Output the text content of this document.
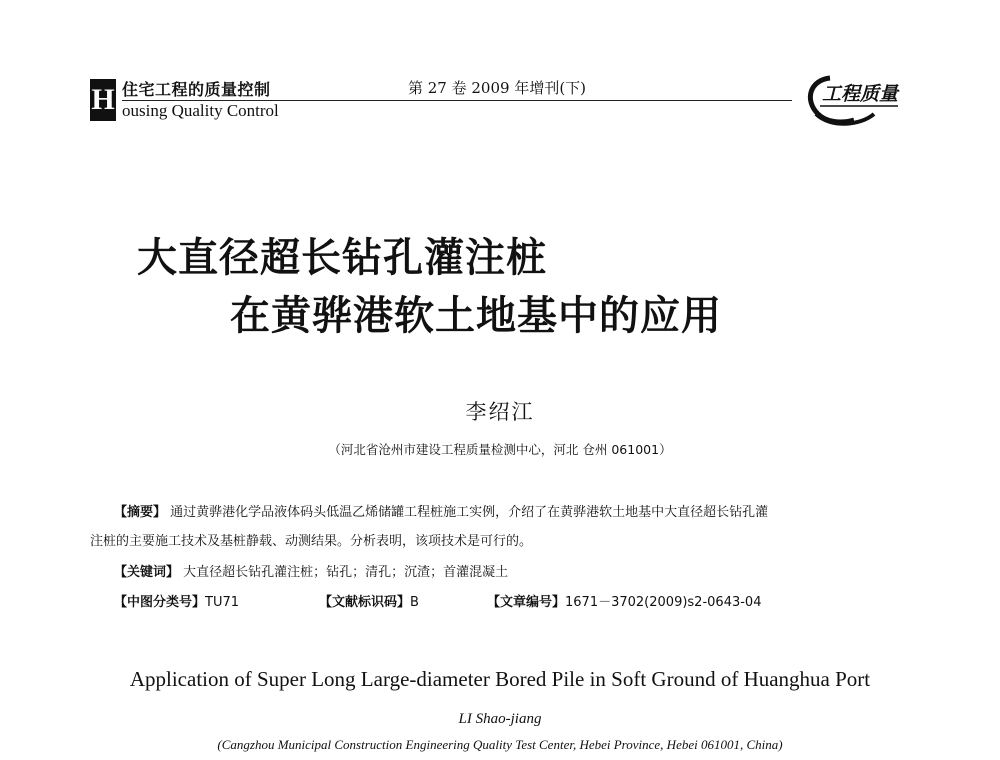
H 住宅工程的质量控制
ousing Quality Control
第 27 卷 2009 年增刊(下)	工程质量
大直径超长钻孔灌注桩
在黄骅港软土地基中的应用
李绍江
（河北省沧州市建设工程质量检测中心，河北 仓州 061001）
【摘要】 通过黄骅港化学品液体码头低温乙烯储罐工程桩施工实例，介绍了在黄骅港软土地基中大直径超长钻孔灌
注桩的主要施工技术及基桩静载、动测结果。分析表明，该项技术是可行的。
【关键词】 大直径超长钻孔灌注桩；钻孔；清孔；沉渣；首灌混凝土
【中图分类号】TU71	【文献标识码】B	【文章编号】1671－3702(2009)s2-0643-04
Application of Super Long Large-diameter Bored Pile in Soft Ground of Huanghua Port
LI Shao-jiang
(Cangzhou Municipal Construction Engineering Quality Test Center, Hebei Province, Hebei 061001, China)
